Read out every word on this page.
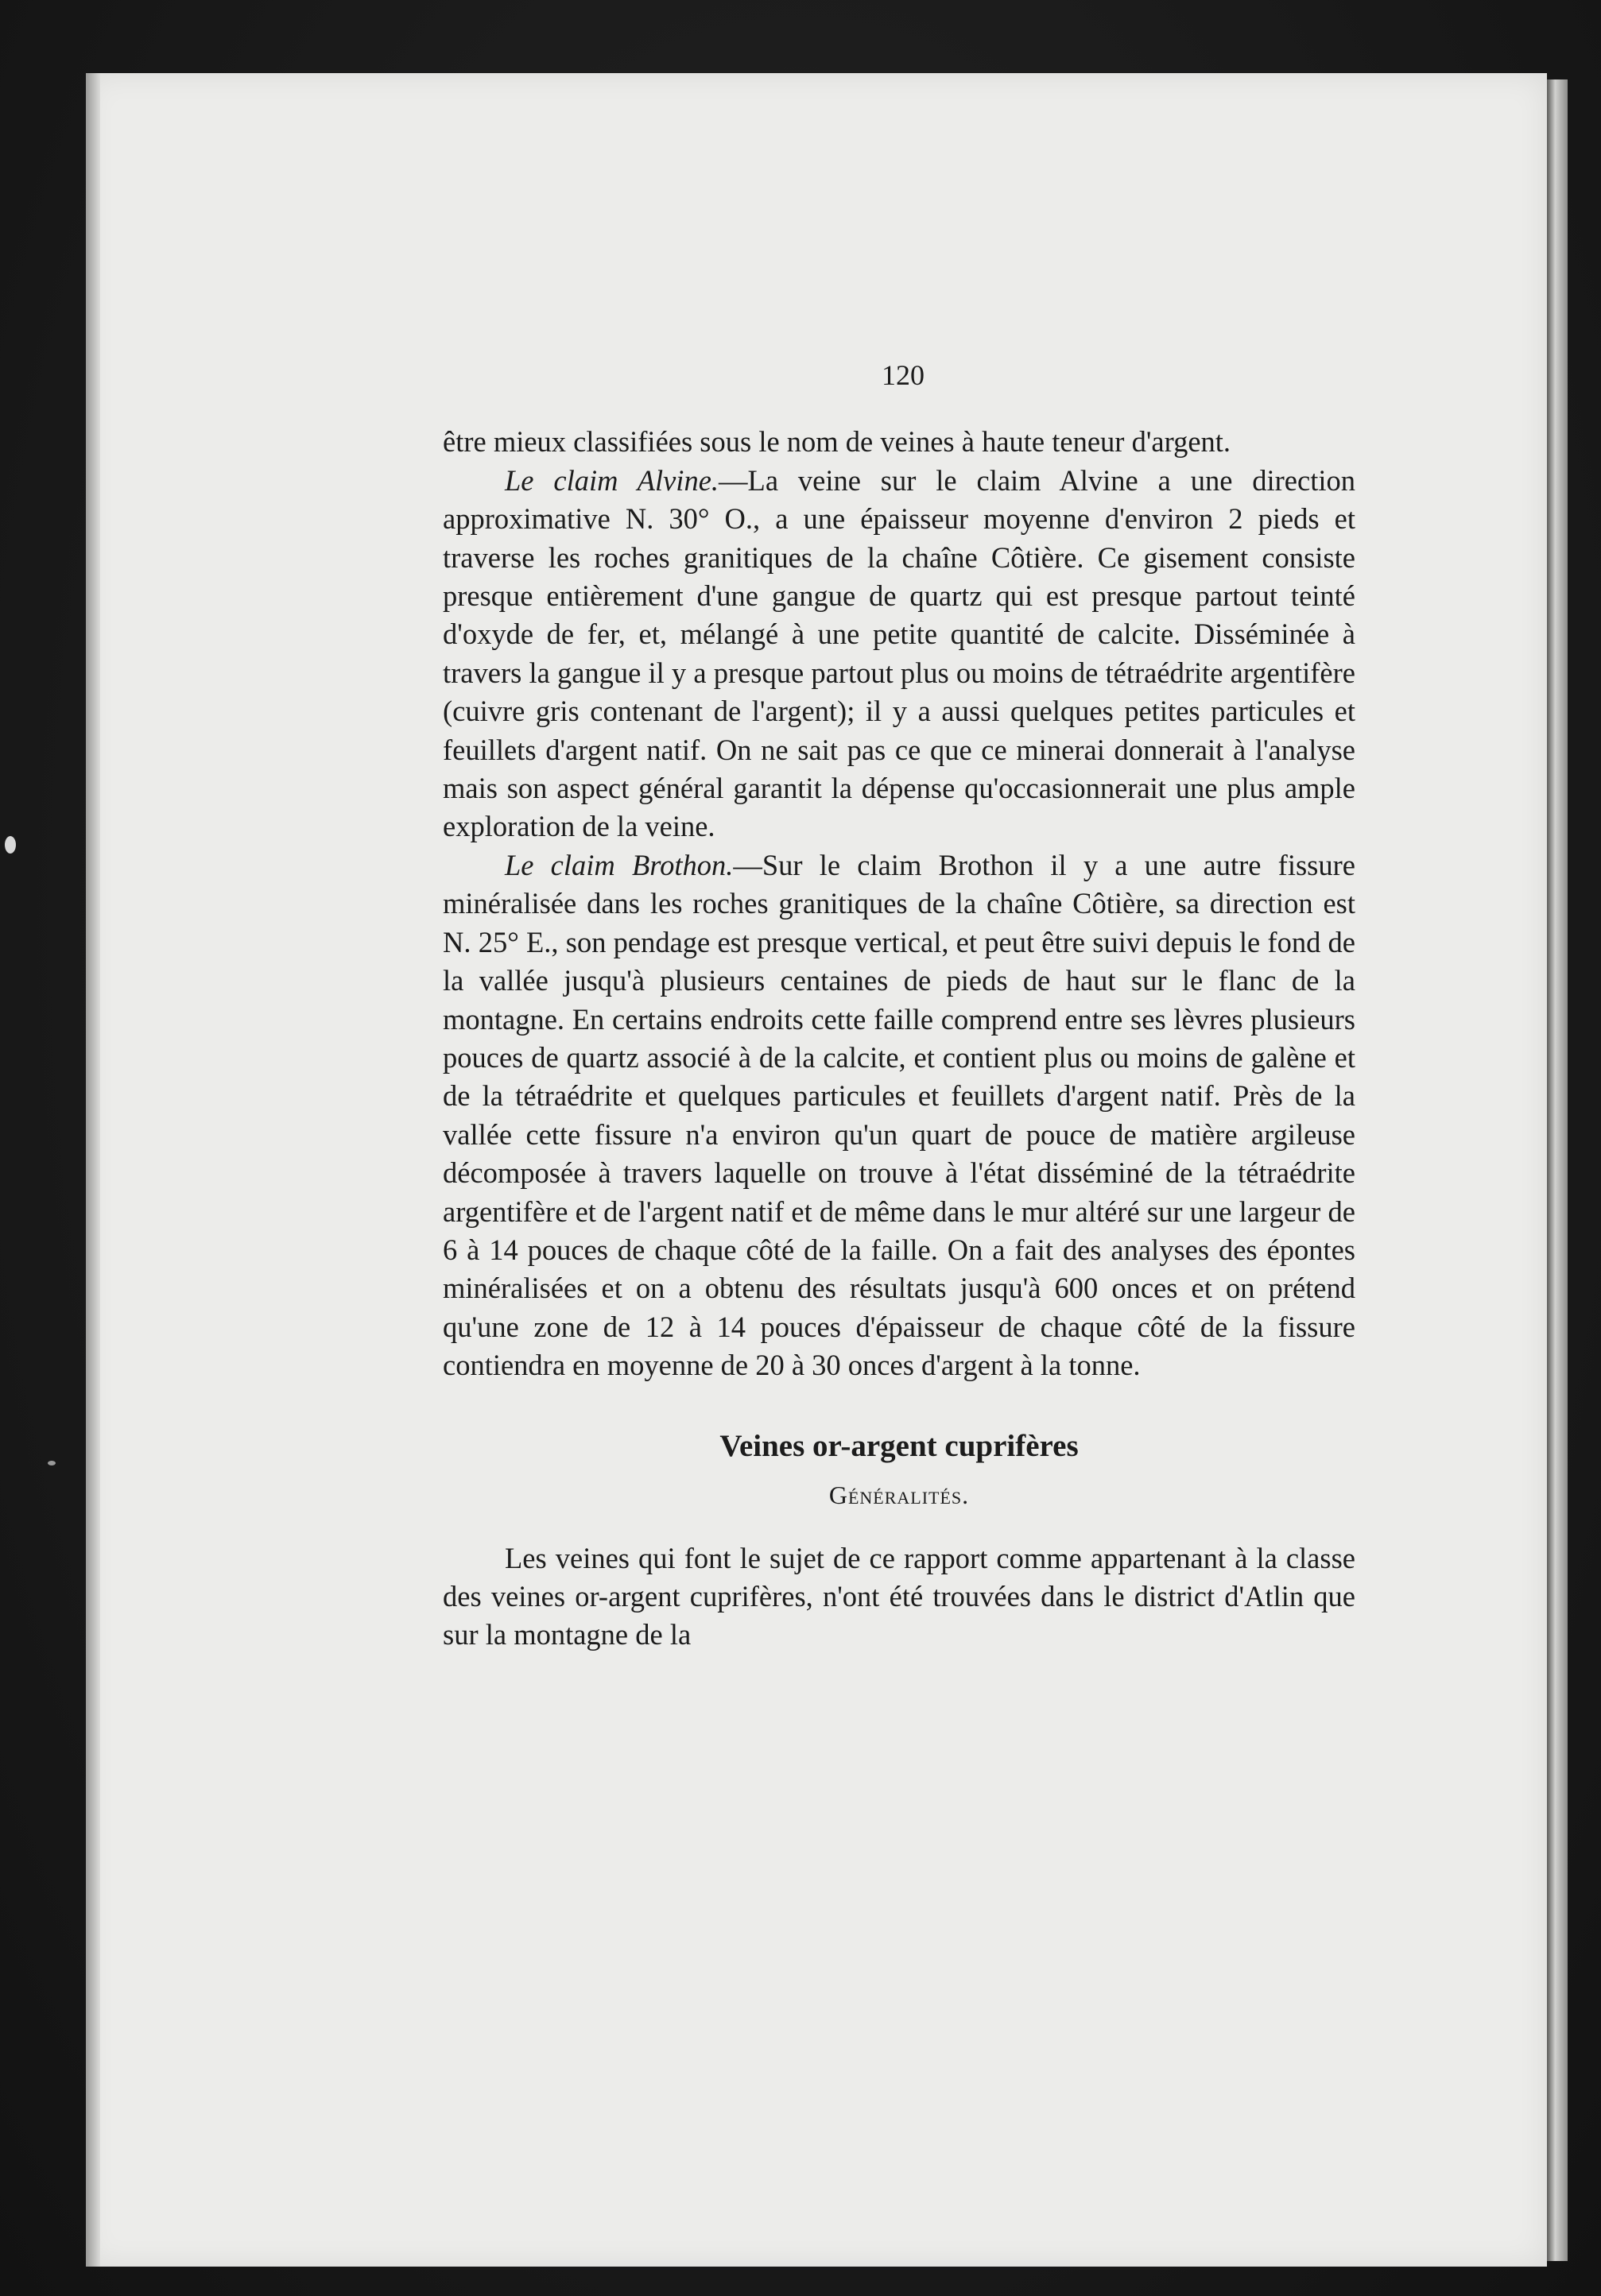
120

être mieux classifiées sous le nom de veines à haute teneur d'argent.

Le claim Alvine.—La veine sur le claim Alvine a une direction approximative N. 30° O., a une épaisseur moyenne d'environ 2 pieds et traverse les roches granitiques de la chaîne Côtière. Ce gisement consiste presque entièrement d'une gangue de quartz qui est presque partout teinté d'oxyde de fer, et, mélangé à une petite quantité de calcite. Disséminée à travers la gangue il y a presque partout plus ou moins de tétraédrite argentifère (cuivre gris contenant de l'argent); il y a aussi quelques petites particules et feuillets d'argent natif. On ne sait pas ce que ce minerai donnerait à l'analyse mais son aspect général garantit la dépense qu'occasionnerait une plus ample exploration de la veine.

Le claim Brothon.—Sur le claim Brothon il y a une autre fissure minéralisée dans les roches granitiques de la chaîne Côtière, sa direction est N. 25° E., son pendage est presque vertical, et peut être suivi depuis le fond de la vallée jusqu'à plusieurs centaines de pieds de haut sur le flanc de la montagne. En certains endroits cette faille comprend entre ses lèvres plusieurs pouces de quartz associé à de la calcite, et contient plus ou moins de galène et de la tétraédrite et quelques particules et feuillets d'argent natif. Près de la vallée cette fissure n'a environ qu'un quart de pouce de matière argileuse décomposée à travers laquelle on trouve à l'état disséminé de la tétraédrite argentifère et de l'argent natif et de même dans le mur altéré sur une largeur de 6 à 14 pouces de chaque côté de la faille. On a fait des analyses des épontes minéralisées et on a obtenu des résultats jusqu'à 600 onces et on prétend qu'une zone de 12 à 14 pouces d'épaisseur de chaque côté de la fissure contiendra en moyenne de 20 à 30 onces d'argent à la tonne.

Veines or-argent cuprifères
Généralités.

Les veines qui font le sujet de ce rapport comme appartenant à la classe des veines or-argent cuprifères, n'ont été trouvées dans le district d'Atlin que sur la montagne de la
